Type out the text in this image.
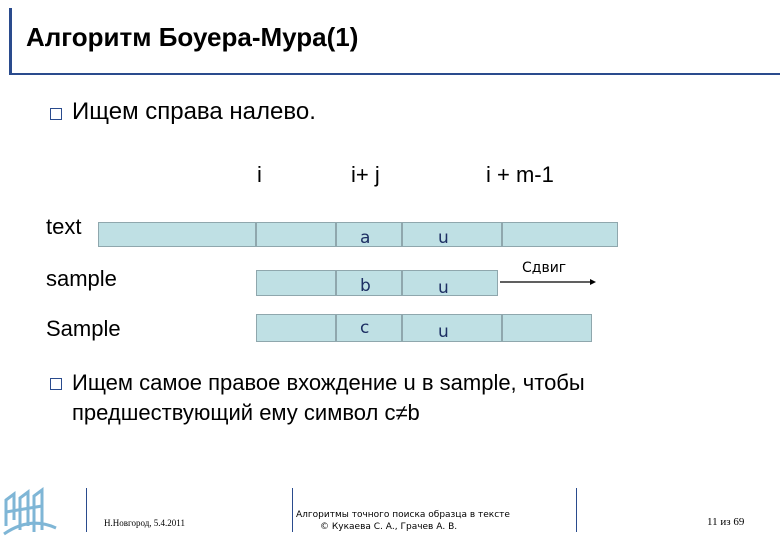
Алгоритм Боуера-Мура(1)
Ищем справа налево.
i	i+ j	i + m-1
text
sample
Sample
a	u
b	u
Сдвиг
c	u
Ищем самое правое вхождение u в sample, чтобы
предшествующий ему символ c≠b
Н.Новгород, 5.4.2011
Алгоритмы точного поиска образца в тексте
© Кукаева С. А., Грачев А. В.	11 из 69
